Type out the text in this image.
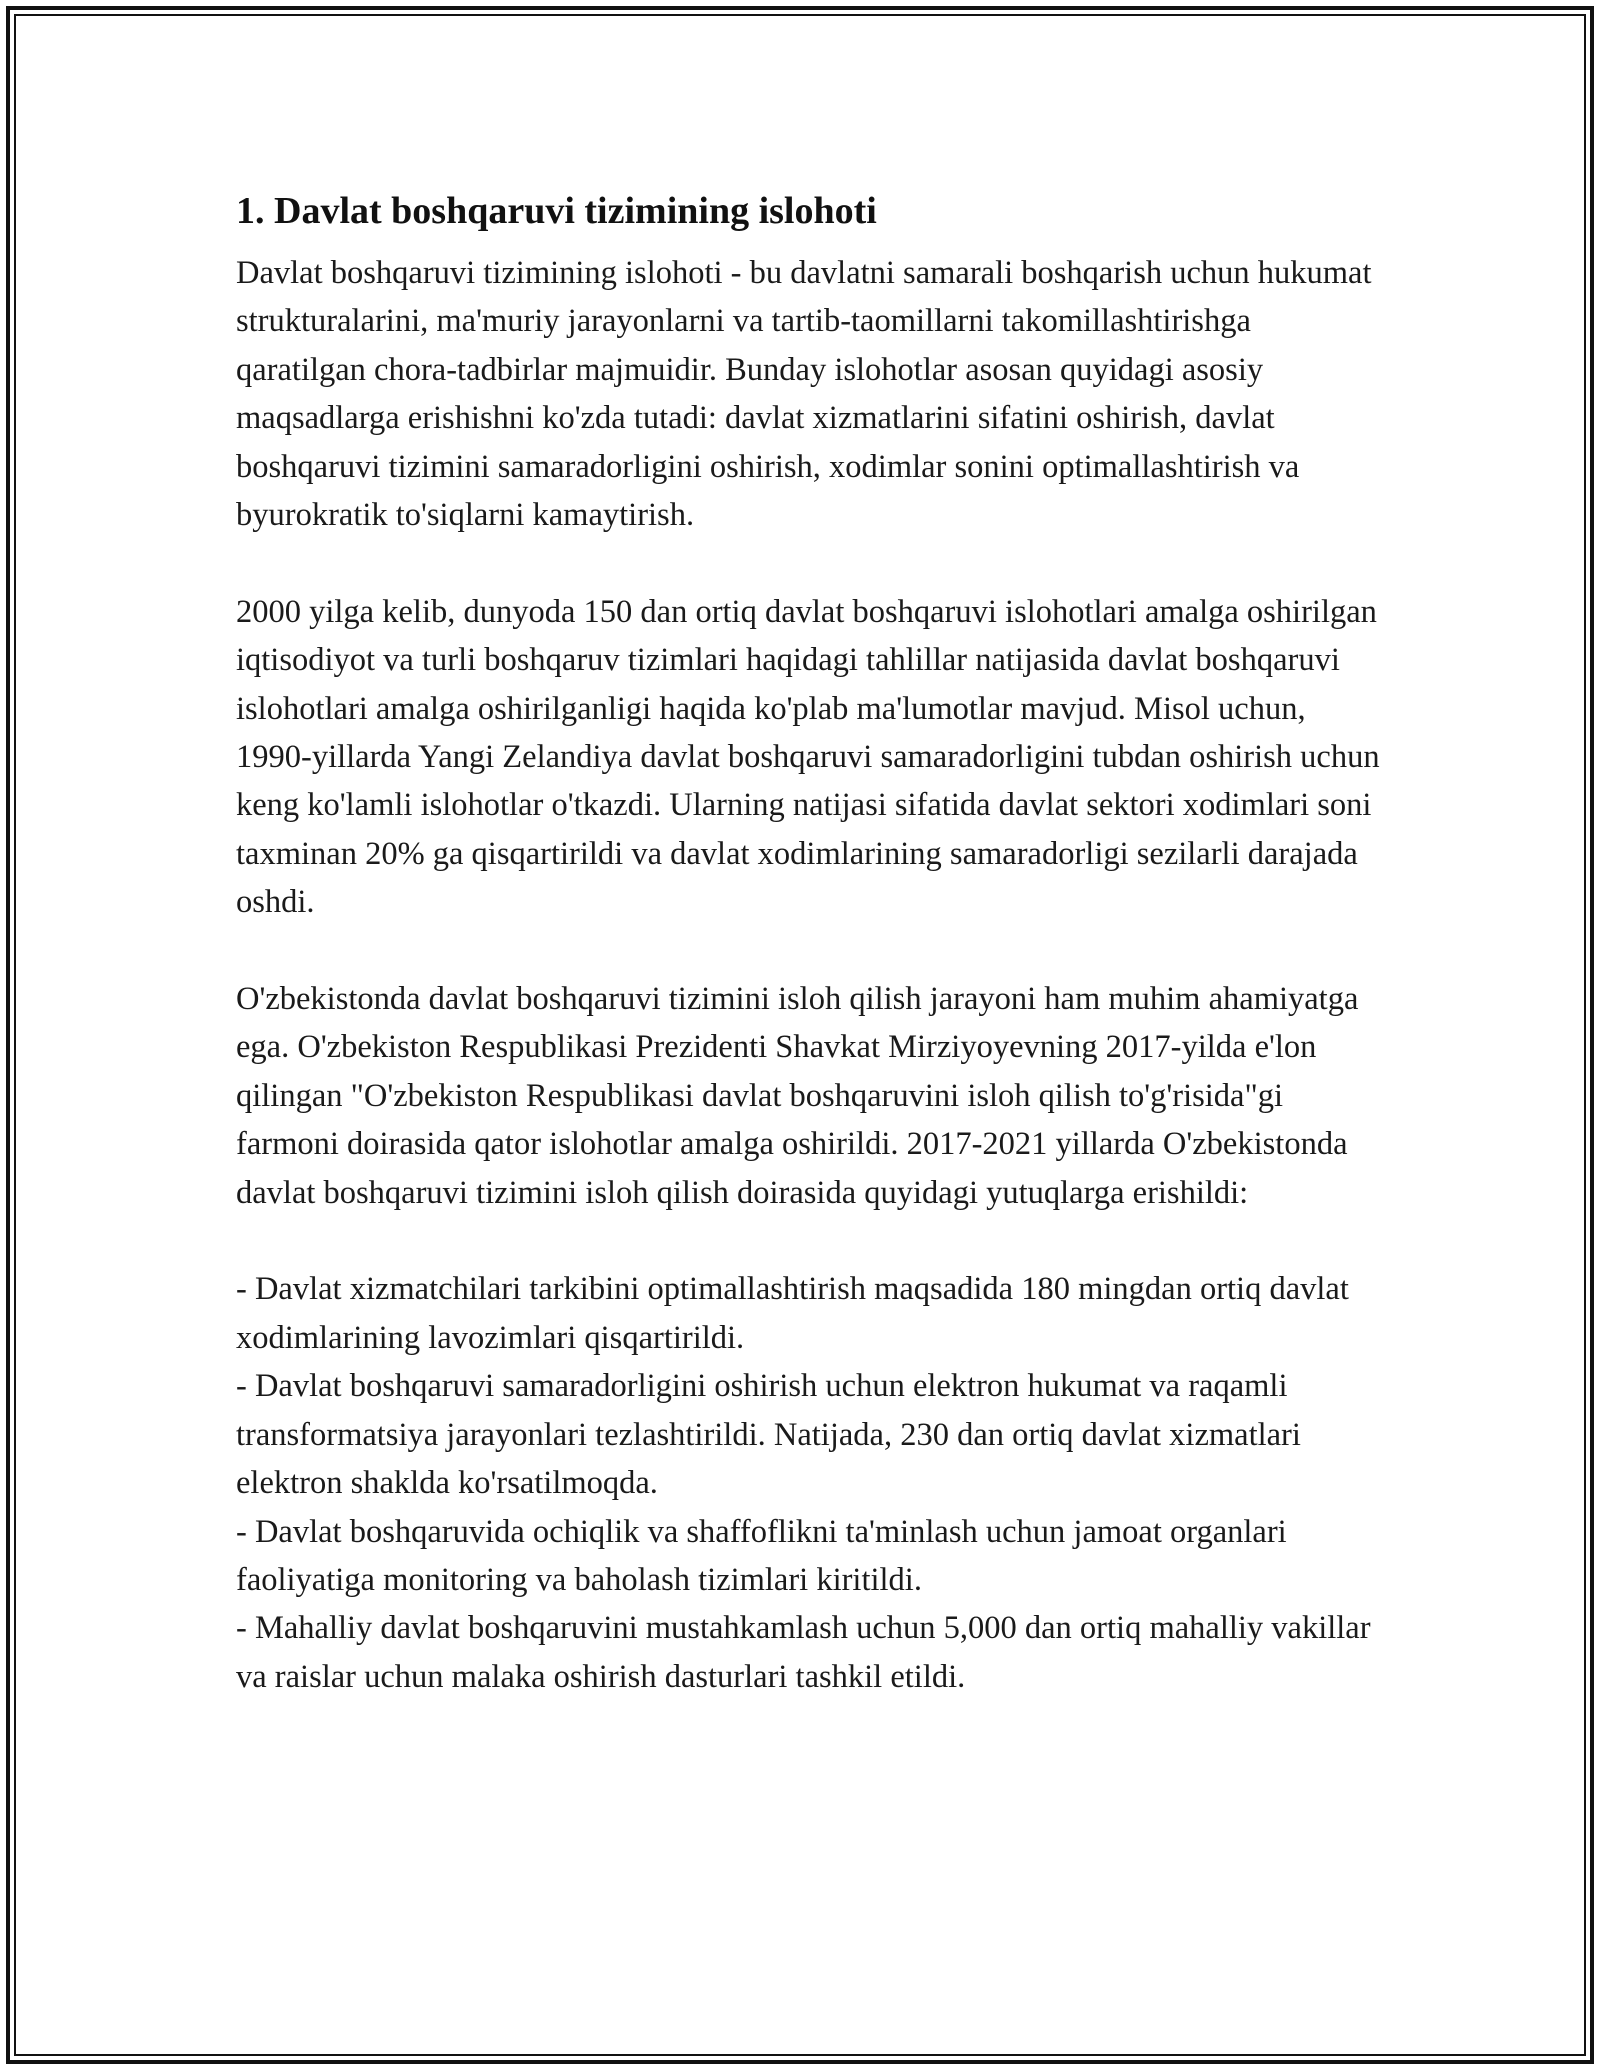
1. Davlat boshqaruvi tizimining islohoti

Davlat boshqaruvi tizimining islohoti - bu davlatni samarali boshqarish uchun hukumat strukturalarini, ma'muriy jarayonlarni va tartib-taomillarni takomillashtirishga qaratilgan chora-tadbirlar majmuidir. Bunday islohotlar asosan quyidagi asosiy maqsadlarga erishishni ko'zda tutadi: davlat xizmatlarini sifatini oshirish, davlat boshqaruvi tizimini samaradorligini oshirish, xodimlar sonini optimallashtirish va byurokratik to'siqlarni kamaytirish.

2000 yilga kelib, dunyoda 150 dan ortiq davlat boshqaruvi islohotlari amalga oshirilgan iqtisodiyot va turli boshqaruv tizimlari haqidagi tahlillar natijasida davlat boshqaruvi islohotlari amalga oshirilganligi haqida ko'plab ma'lumotlar mavjud. Misol uchun, 1990-yillarda Yangi Zelandiya davlat boshqaruvi samaradorligini tubdan oshirish uchun keng ko'lamli islohotlar o'tkazdi. Ularning natijasi sifatida davlat sektori xodimlari soni taxminan 20% ga qisqartirildi va davlat xodimlarining samaradorligi sezilarli darajada oshdi.

O'zbekistonda davlat boshqaruvi tizimini isloh qilish jarayoni ham muhim ahamiyatga ega. O'zbekiston Respublikasi Prezidenti Shavkat Mirziyoyevning 2017-yilda e'lon qilingan "O'zbekiston Respublikasi davlat boshqaruvini isloh qilish to'g'risida"gi farmoni doirasida qator islohotlar amalga oshirildi. 2017-2021 yillarda O'zbekistonda davlat boshqaruvi tizimini isloh qilish doirasida quyidagi yutuqlarga erishildi:

- Davlat xizmatchilari tarkibini optimallashtirish maqsadida 180 mingdan ortiq davlat xodimlarining lavozimlari qisqartirildi.
- Davlat boshqaruvi samaradorligini oshirish uchun elektron hukumat va raqamli transformatsiya jarayonlari tezlashtirildi. Natijada, 230 dan ortiq davlat xizmatlari elektron shaklda ko'rsatilmoqda.
- Davlat boshqaruvida ochiqlik va shaffoflikni ta'minlash uchun jamoat organlari faoliyatiga monitoring va baholash tizimlari kiritildi.
- Mahalliy davlat boshqaruvini mustahkamlash uchun 5,000 dan ortiq mahalliy vakillar va raislar uchun malaka oshirish dasturlari tashkil etildi.
